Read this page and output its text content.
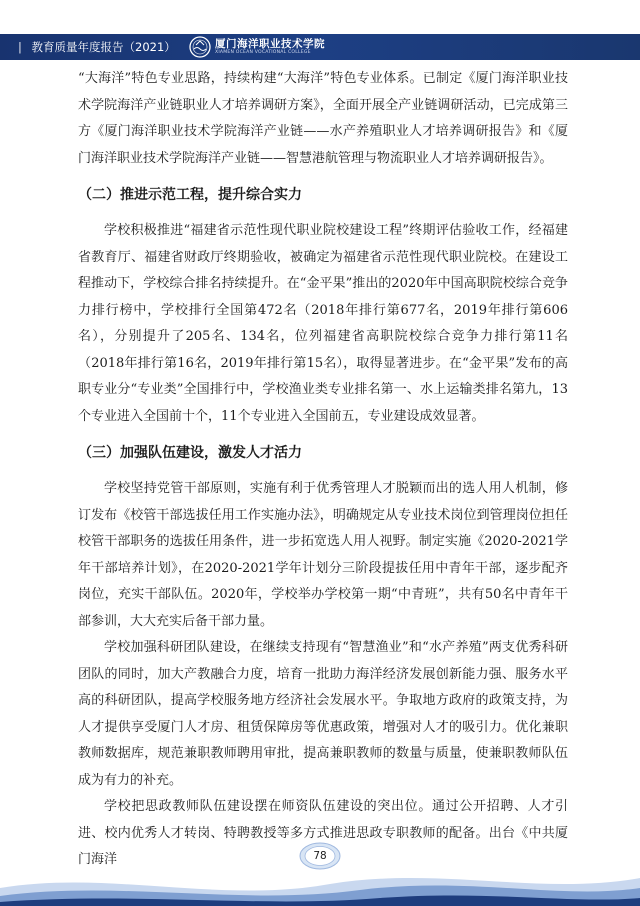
| 教育质量年度报告（2021）	厦门海洋职业技术学院
XIAMEN OCEAN VOCATIONAL COLLEGE

“大海洋”特色专业思路，持续构建“大海洋”特色专业体系。已制定《厦门海洋职业技术学院海洋产业链职业人才培养调研方案》，全面开展全产业链调研活动，已完成第三方《厦门海洋职业技术学院海洋产业链——水产养殖职业人才培养调研报告》和《厦门海洋职业技术学院海洋产业链——智慧港航管理与物流职业人才培养调研报告》。

（二）推进示范工程，提升综合实力

学校积极推进“福建省示范性现代职业院校建设工程”终期评估验收工作，经福建省教育厅、福建省财政厅终期验收，被确定为福建省示范性现代职业院校。在建设工程推动下，学校综合排名持续提升。在“金平果”推出的2020年中国高职院校综合竞争力排行榜中，学校排行全国第472名（2018年排行第677名，2019年排行第606名），分别提升了205名、134名，位列福建省高职院校综合竞争力排行第11名（2018年排行第16名，2019年排行第15名），取得显著进步。在“金平果”发布的高职专业分“专业类”全国排行中，学校渔业类专业排名第一、水上运输类排名第九，13个专业进入全国前十个，11个专业进入全国前五，专业建设成效显著。

（三）加强队伍建设，激发人才活力

学校坚持党管干部原则，实施有利于优秀管理人才脱颖而出的选人用人机制，修订发布《校管干部选拔任用工作实施办法》，明确规定从专业技术岗位到管理岗位担任校管干部职务的选拔任用条件，进一步拓宽选人用人视野。制定实施《2020-2021学年干部培养计划》，在2020-2021学年计划分三阶段提拔任用中青年干部，逐步配齐岗位，充实干部队伍。2020年，学校举办学校第一期“中青班”，共有50名中青年干部参训，大大充实后备干部力量。

学校加强科研团队建设，在继续支持现有“智慧渔业”和“水产养殖”两支优秀科研团队的同时，加大产教融合力度，培育一批助力海洋经济发展创新能力强、服务水平高的科研团队，提高学校服务地方经济社会发展水平。争取地方政府的政策支持，为人才提供享受厦门人才房、租赁保障房等优惠政策，增强对人才的吸引力。优化兼职教师数据库，规范兼职教师聘用审批，提高兼职教师的数量与质量，使兼职教师队伍成为有力的补充。

学校把思政教师队伍建设摆在师资队伍建设的突出位。通过公开招聘、人才引进、校内优秀人才转岗、特聘教授等多方式推进思政专职教师的配备。出台《中共厦门海洋	78
